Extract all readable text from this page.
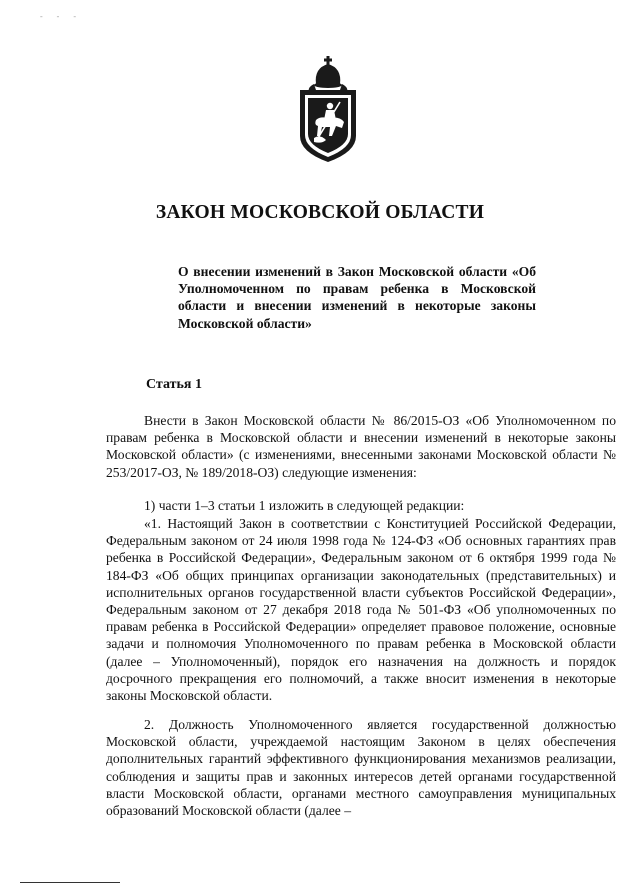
- - -
ЗАКОН МОСКОВСКОЙ ОБЛАСТИ

О внесении изменений в Закон Московской области «Об Уполномоченном по правам ребенка в Московской области и внесении изменений в некоторые законы Московской области»

Статья 1

Внести в Закон Московской области № 86/2015-ОЗ «Об Уполномоченном по правам ребенка в Московской области и внесении изменений в некоторые законы Московской области» (с изменениями, внесенными законами Московской области № 253/2017-ОЗ, № 189/2018-ОЗ) следующие изменения:

1) части 1–3 статьи 1 изложить в следующей редакции:

«1. Настоящий Закон в соответствии с Конституцией Российской Федерации, Федеральным законом от 24 июля 1998 года № 124-ФЗ «Об основных гарантиях прав ребенка в Российской Федерации», Федеральным законом от 6 октября 1999 года № 184-ФЗ «Об общих принципах организации законодательных (представительных) и исполнительных органов государственной власти субъектов Российской Федерации», Федеральным законом от 27 декабря 2018 года № 501-ФЗ «Об уполномоченных по правам ребенка в Российской Федерации» определяет правовое положение, основные задачи и полномочия Уполномоченного по правам ребенка в Московской области (далее – Уполномоченный), порядок его назначения на должность и порядок досрочного прекращения его полномочий, а также вносит изменения в некоторые законы Московской области.

2. Должность Уполномоченного является государственной должностью Московской области, учреждаемой настоящим Законом в целях обеспечения дополнительных гарантий эффективного функционирования механизмов реализации, соблюдения и защиты прав и законных интересов детей органами государственной власти Московской области, органами местного самоуправления муниципальных образований Московской области (далее –
